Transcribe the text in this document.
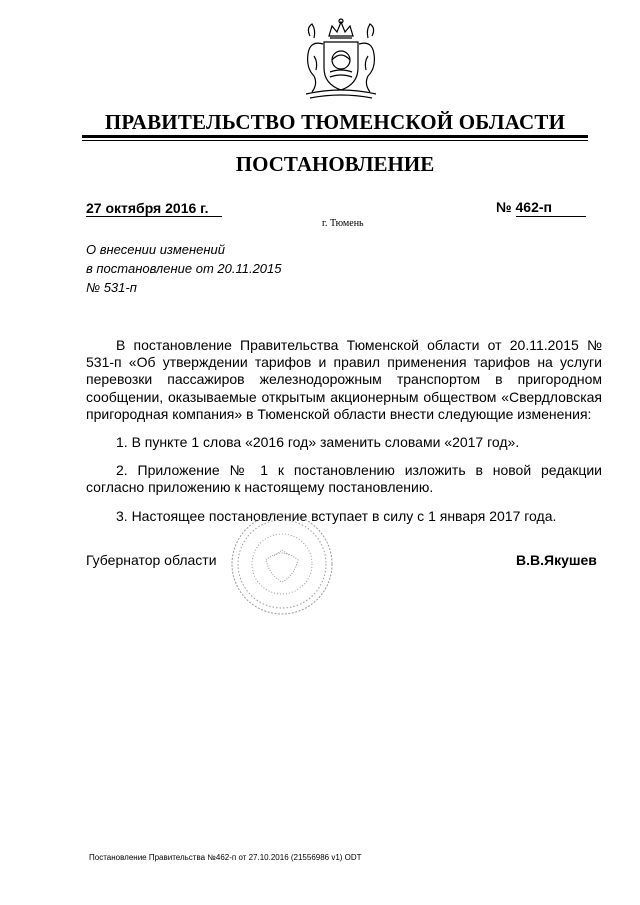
ПРАВИТЕЛЬСТВО ТЮМЕНСКОЙ ОБЛАСТИ
ПОСТАНОВЛЕНИЕ
27 октября 2016 г.	№ 462-п
г. Тюмень
О внесении изменений
в постановление от 20.11.2015
№ 531-п

В постановление Правительства Тюменской области от 20.11.2015 № 531-п «Об утверждении тарифов и правил применения тарифов на услуги перевозки пассажиров железнодорожным транспортом в пригородном сообщении, оказываемые открытым акционерным обществом «Свердловская пригородная компания» в Тюменской области внести следующие изменения:

1. В пункте 1 слова «2016 год» заменить словами «2017 год».

2. Приложение № 1 к постановлению изложить в новой редакции согласно приложению к настоящему постановлению.

3. Настоящее постановление вступает в силу с 1 января 2017 года.

Губернатор области	В.В.Якушев
Постановление Правительства №462-п от 27.10.2016 (21556986 v1) ODT
